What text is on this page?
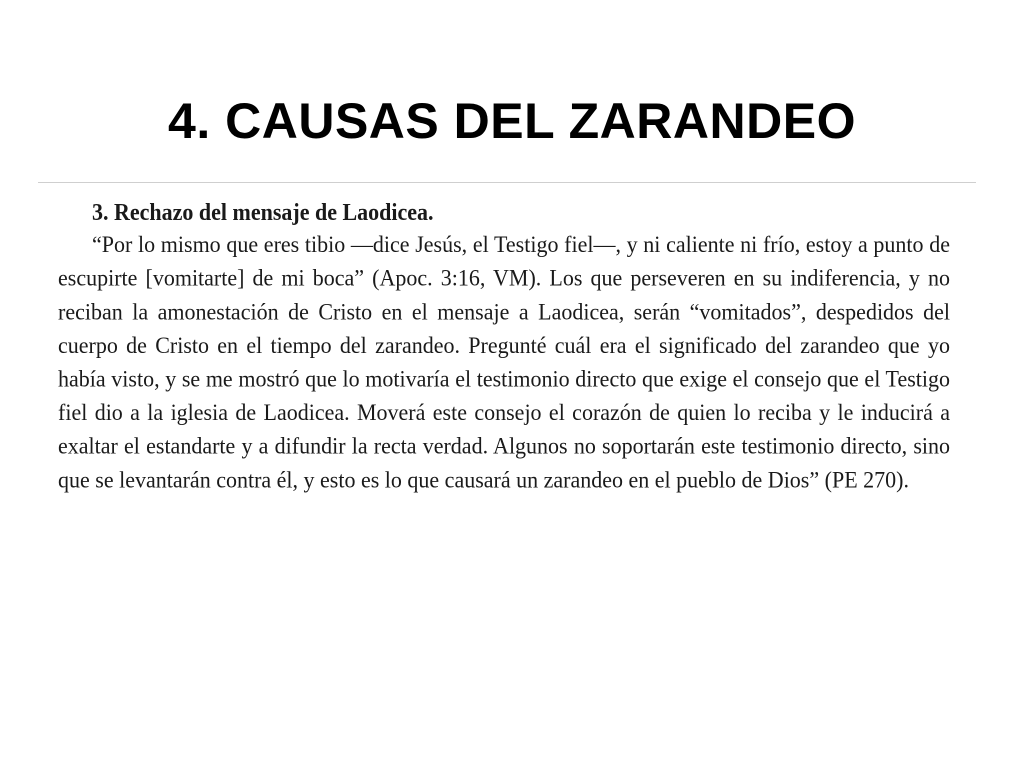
4. CAUSAS DEL ZARANDEO

3. Rechazo del mensaje de Laodicea.

“Por lo mismo que eres tibio —dice Jesús, el Testigo fiel—, y ni caliente ni frío, estoy a punto de escupirte [vomitarte] de mi boca” (Apoc. 3:16, VM). Los que perseveren en su indiferencia, y no reciban la amonestación de Cristo en el mensaje a Laodicea, serán “vomitados”, despedidos del cuerpo de Cristo en el tiempo del zarandeo. Pregunté cuál era el significado del zarandeo que yo había visto, y se me mostró que lo motivaría el testimonio directo que exige el consejo que el Testigo fiel dio a la iglesia de Laodicea. Moverá este consejo el corazón de quien lo reciba y le inducirá a exaltar el estandarte y a difundir la recta verdad. Algunos no soportarán este testimonio directo, sino que se levantarán contra él, y esto es lo que causará un zarandeo en el pueblo de Dios” (PE 270).
